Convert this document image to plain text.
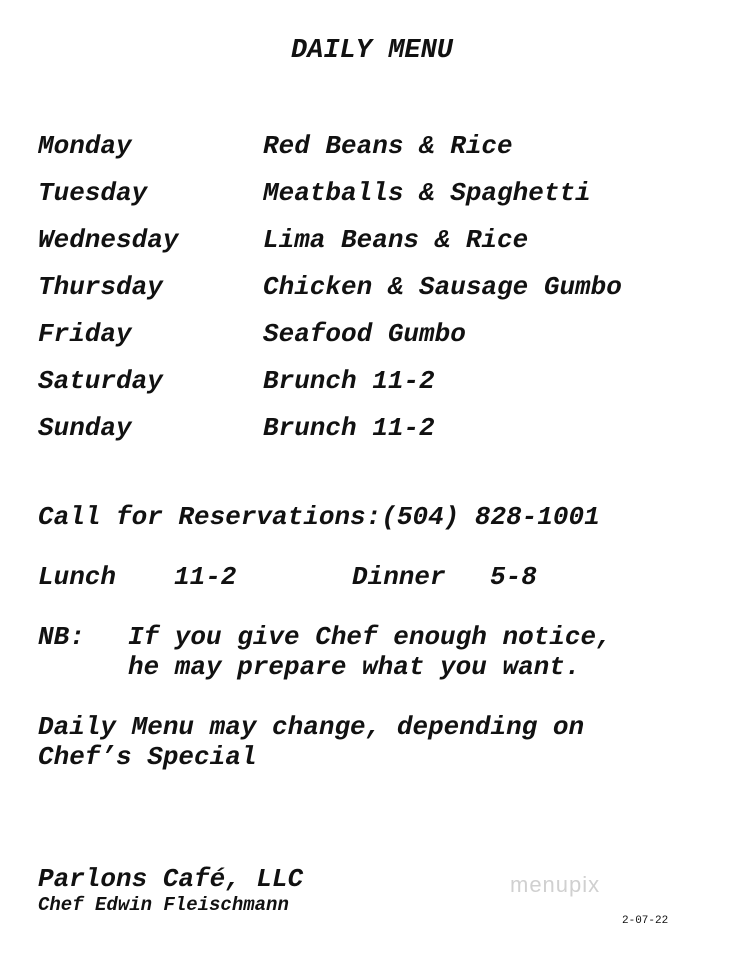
DAILY MENU
Monday	Red Beans & Rice
Tuesday	Meatballs & Spaghetti
Wednesday	Lima Beans & Rice
Thursday	Chicken & Sausage Gumbo
Friday	Seafood Gumbo
Saturday	Brunch 11-2
Sunday	Brunch 11-2
Call for Reservations:(504) 828-1001
Lunch 11-2	Dinner 5-8
NB: If you give Chef enough notice,
he may prepare what you want.
Daily Menu may change, depending on
Chef’s Special
menupix
Parlons Café, LLC
Chef Edwin Fleischmann
2-07-22
